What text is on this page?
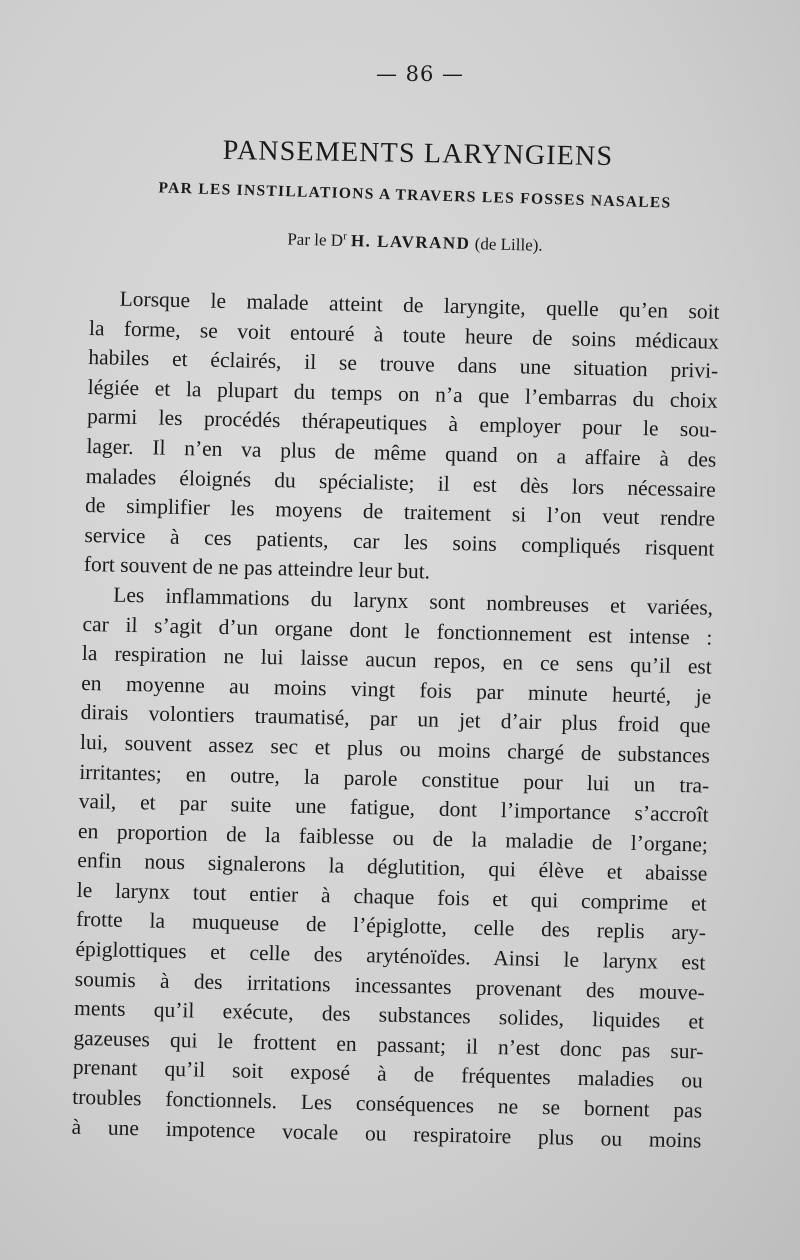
— 86 —
PANSEMENTS LARYNGIENS
PAR LES INSTILLATIONS A TRAVERS LES FOSSES NASALES
Par le $D^r$ H. LAVRAND (de Lille).
Lorsque le malade atteint de laryngite, quelle qu’en soit
la forme, se voit entouré à toute heure de soins médicaux
habiles et éclairés, il se trouve dans une situation privi-
légiée et la plupart du temps on n’a que l’embarras du choix
parmi les procédés thérapeutiques à employer pour le sou-
lager. Il n’en va plus de même quand on a affaire à des
malades éloignés du spécialiste; il est dès lors nécessaire
de simplifier les moyens de traitement si l’on veut rendre
service à ces patients, car les soins compliqués risquent
fort souvent de ne pas atteindre leur but.
Les inflammations du larynx sont nombreuses et variées,
car il s’agit d’un organe dont le fonctionnement est intense :
la respiration ne lui laisse aucun repos, en ce sens qu’il est
en moyenne au moins vingt fois par minute heurté, je
dirais volontiers traumatisé, par un jet d’air plus froid que
lui, souvent assez sec et plus ou moins chargé de substances
irritantes; en outre, la parole constitue pour lui un tra-
vail, et par suite une fatigue, dont l’importance s’accroît
en proportion de la faiblesse ou de la maladie de l’organe;
enfin nous signalerons la déglutition, qui élève et abaisse
le larynx tout entier à chaque fois et qui comprime et
frotte la muqueuse de l’épiglotte, celle des replis ary-
épiglottiques et celle des aryténoïdes. Ainsi le larynx est
soumis à des irritations incessantes provenant des mouve-
ments qu’il exécute, des substances solides, liquides et
gazeuses qui le frottent en passant; il n’est donc pas sur-
prenant qu’il soit exposé à de fréquentes maladies ou
troubles fonctionnels. Les conséquences ne se bornent pas
à une impotence vocale ou respiratoire plus ou moins
